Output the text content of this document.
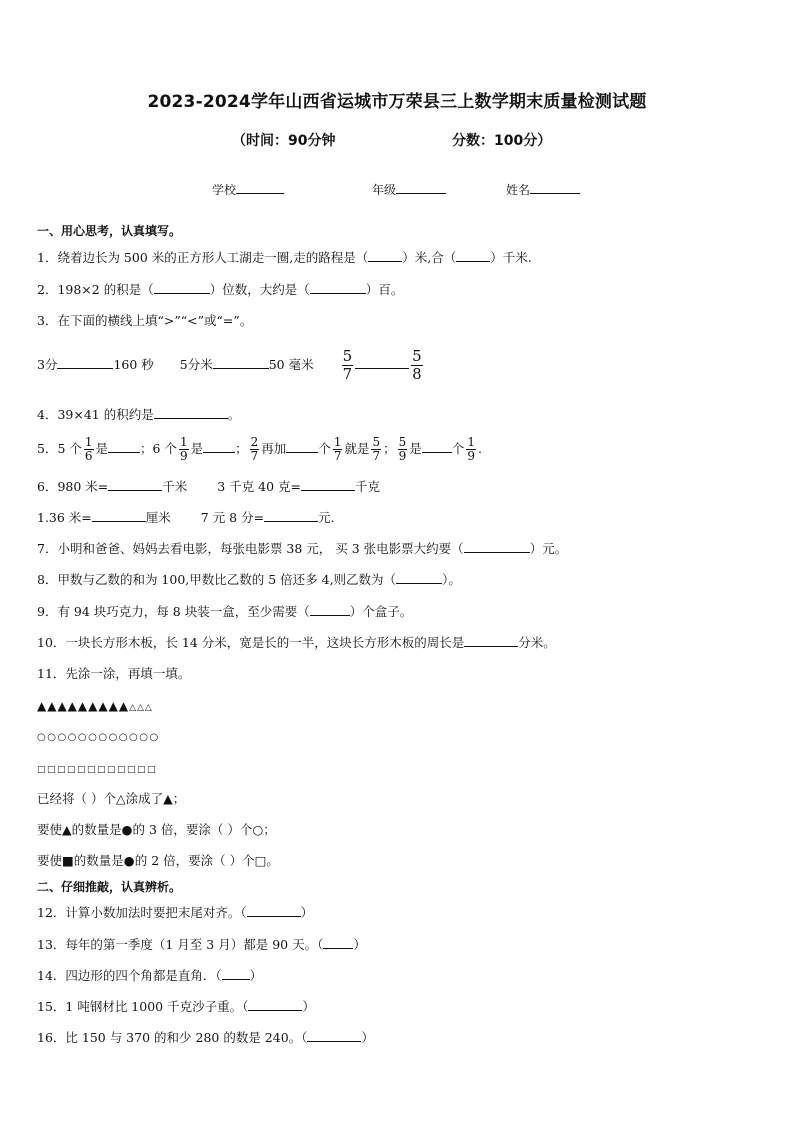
2023-2024学年山西省运城市万荣县三上数学期末质量检测试题
（时间：90分钟	分数：100分）
学校	年级	姓名
一、用心思考，认真填写。
1．绕着边长为 500 米的正方形人工湖走一圈,走的路程是（	）米,合（	）千米.
2．198×2 的积是（	）位数，大约是（	）百。
3．在下面的横线上填“>”“<”或“=”。
3分	160 秒 5分米	50 毫米 $\frac{5}{7}$	$\frac{5}{8}$
4．39×41 的积约是	。
5．5 个 $\frac{1}{6}$ 是	；6 个 $\frac{1}{9}$ 是	； $\frac{2}{7}$ 再加	个 $\frac{1}{7}$ 就是 $\frac{5}{7}$ ； $\frac{5}{9}$ 是 个 $\frac{1}{9}$ .
6．980 米=	千米 3 千克 40 克=	千克
1.36 米=	厘米 7 元 8 分=	元.
7．小明和爸爸、妈妈去看电影，每张电影票 38 元， 买 3 张电影票大约要（	）元。
8．甲数与乙数的和为 100,甲数比乙数的 5 倍还多 4,则乙数为（	）。
9．有 94 块巧克力，每 8 块装一盒，至少需要（	）个盒子。
10．一块长方形木板，长 14 分米，宽是长的一半，这块长方形木板的周长是	分米。
11．先涂一涂，再填一填。
▲▲▲▲▲▲▲▲▲△△△
○○○○○○○○○○○○
□□□□□□□□□□□□
已经将（ ）个△涂成了▲；
要使▲的数量是●的 3 倍，要涂（ ）个○；
要使■的数量是●的 2 倍，要涂（ ）个□。
二、仔细推敲，认真辨析。
12．计算小数加法时要把末尾对齐。（	）
13．每年的第一季度（1 月至 3 月）都是 90 天。（ ）
14．四边形的四个角都是直角．（ ）
15．1 吨钢材比 1000 千克沙子重。（	）
16．比 150 与 370 的和少 280 的数是 240。（	）
